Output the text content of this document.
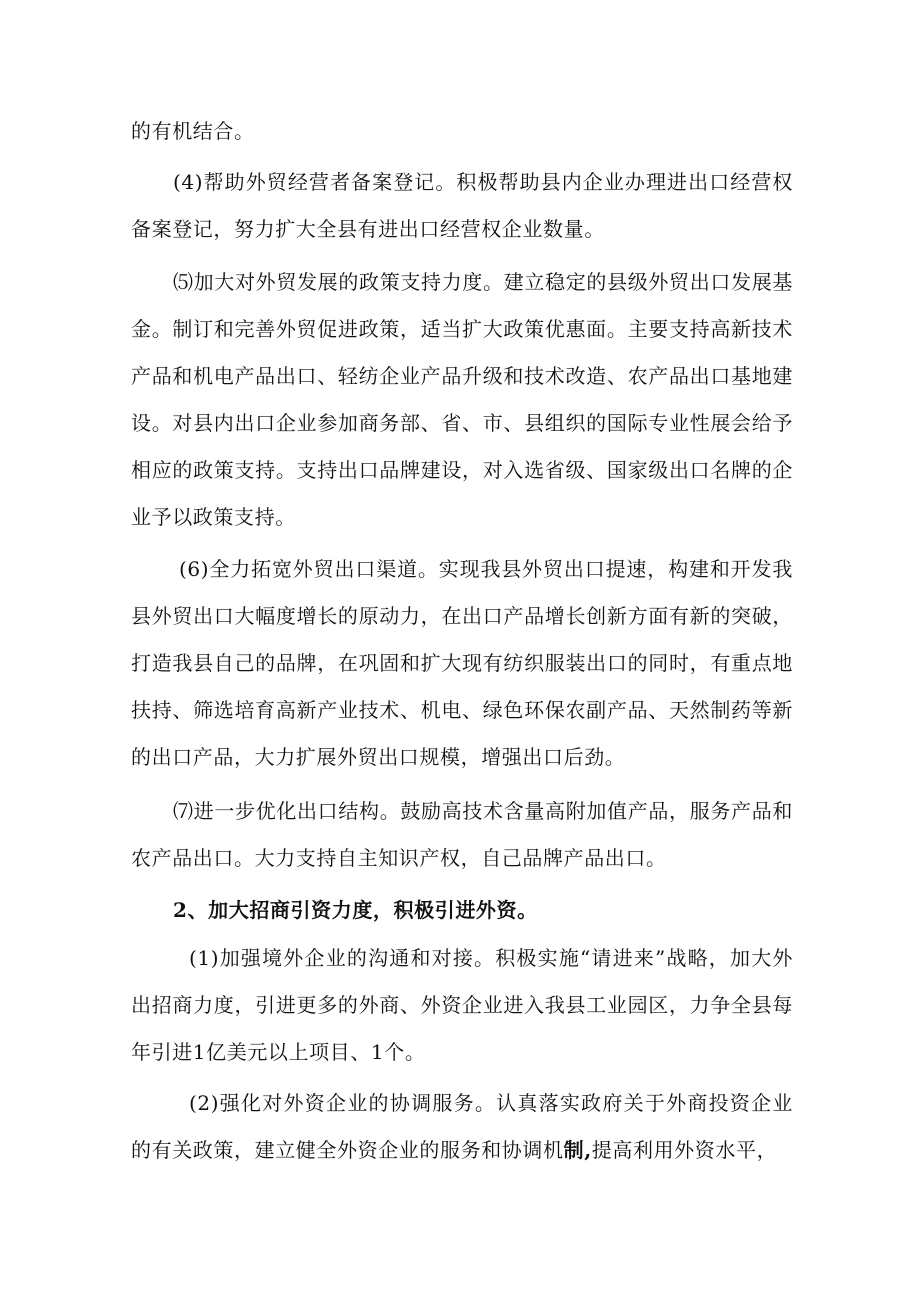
的有机结合。

(4)帮助外贸经营者备案登记。积极帮助县内企业办理进出口经营权备案登记，努力扩大全县有进出口经营权企业数量。

⑸加大对外贸发展的政策支持力度。建立稳定的县级外贸出口发展基金。制订和完善外贸促进政策，适当扩大政策优惠面。主要支持高新技术产品和机电产品出口、轻纺企业产品升级和技术改造、农产品出口基地建设。对县内出口企业参加商务部、省、市、县组织的国际专业性展会给予相应的政策支持。支持出口品牌建设，对入选省级、国家级出口名牌的企业予以政策支持。

(6)全力拓宽外贸出口渠道。实现我县外贸出口提速，构建和开发我县外贸出口大幅度增长的原动力，在出口产品增长创新方面有新的突破，打造我县自己的品牌，在巩固和扩大现有纺织服装出口的同时，有重点地扶持、筛选培育高新产业技术、机电、绿色环保农副产品、天然制药等新的出口产品，大力扩展外贸出口规模，增强出口后劲。

⑺进一步优化出口结构。鼓励高技术含量高附加值产品，服务产品和农产品出口。大力支持自主知识产权，自己品牌产品出口。

2、加大招商引资力度，积极引进外资。

(1)加强境外企业的沟通和对接。积极实施“请进来”战略，加大外出招商力度，引进更多的外商、外资企业进入我县工业园区，力争全县每年引进1亿美元以上项目、1个。

(2)强化对外资企业的协调服务。认真落实政府关于外商投资企业的有关政策，建立健全外资企业的服务和协调机制,提高利用外资水平，
